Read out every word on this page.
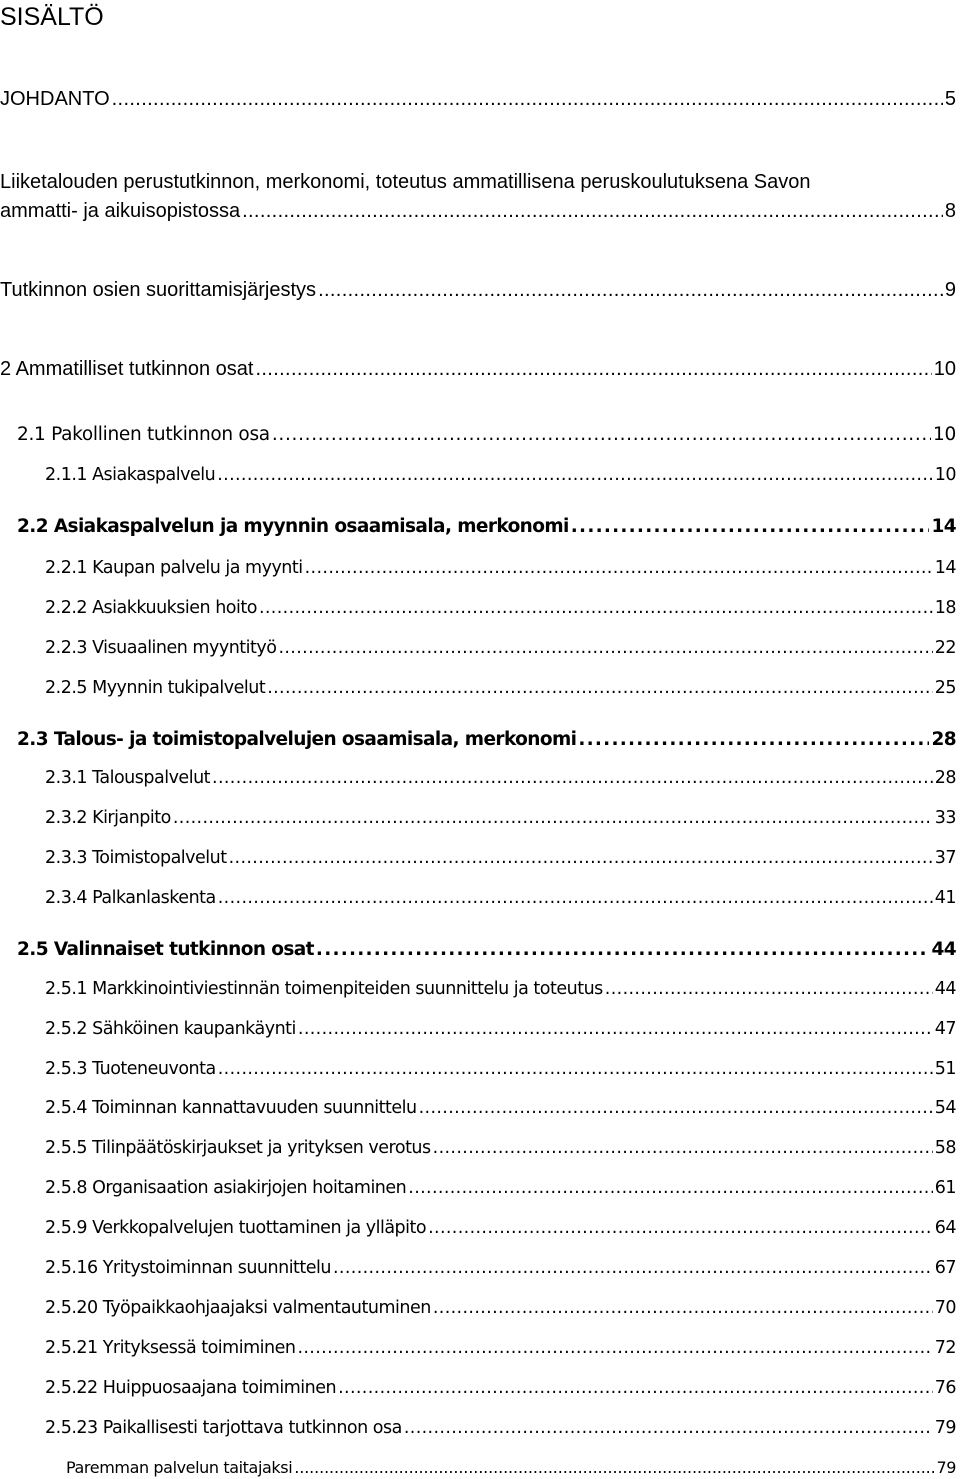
SISÄLTÖ
JOHDANTO . . .	5
Liiketalouden perustutkinnon, merkonomi, toteutus ammatillisena peruskoulutuksena Savon
ammatti- ja aikuisopistossa . . .	8
Tutkinnon osien suorittamisjärjestys . . .	9
2 Ammatilliset tutkinnon osat . . .	10
2.1 Pakollinen tutkinnon osa . . .	10
2.1.1 Asiakaspalvelu . . .	10
2.2 Asiakaspalvelun ja myynnin osaamisala, merkonomi . . .	14
2.2.1 Kaupan palvelu ja myynti . . .	14
2.2.2 Asiakkuuksien hoito . . .	18
2.2.3 Visuaalinen myyntityö . . .	22
2.2.5 Myynnin tukipalvelut . . .	25
2.3 Talous- ja toimistopalvelujen osaamisala, merkonomi . . .	28
2.3.1 Talouspalvelut . . .	28
2.3.2 Kirjanpito . . .	33
2.3.3 Toimistopalvelut . . .	37
2.3.4 Palkanlaskenta . . .	41
2.5 Valinnaiset tutkinnon osat . . .	44
2.5.1 Markkinointiviestinnän toimenpiteiden suunnittelu ja toteutus . . .	44
2.5.2 Sähköinen kaupankäynti . . .	47
2.5.3 Tuoteneuvonta . . .	51
2.5.4 Toiminnan kannattavuuden suunnittelu . . .	54
2.5.5 Tilinpäätöskirjaukset ja yrityksen verotus . . .	58
2.5.8 Organisaation asiakirjojen hoitaminen . . .	61
2.5.9 Verkkopalvelujen tuottaminen ja ylläpito . . .	64
2.5.16 Yritystoiminnan suunnittelu . . .	67
2.5.20 Työpaikkaohjaajaksi valmentautuminen . . .	70
2.5.21 Yrityksessä toimiminen . . .	72
2.5.22 Huippuosaajana toimiminen . . .	76
2.5.23 Paikallisesti tarjottava tutkinnon osa . . .	79
Paremman palvelun taitajaksi . . .	79
